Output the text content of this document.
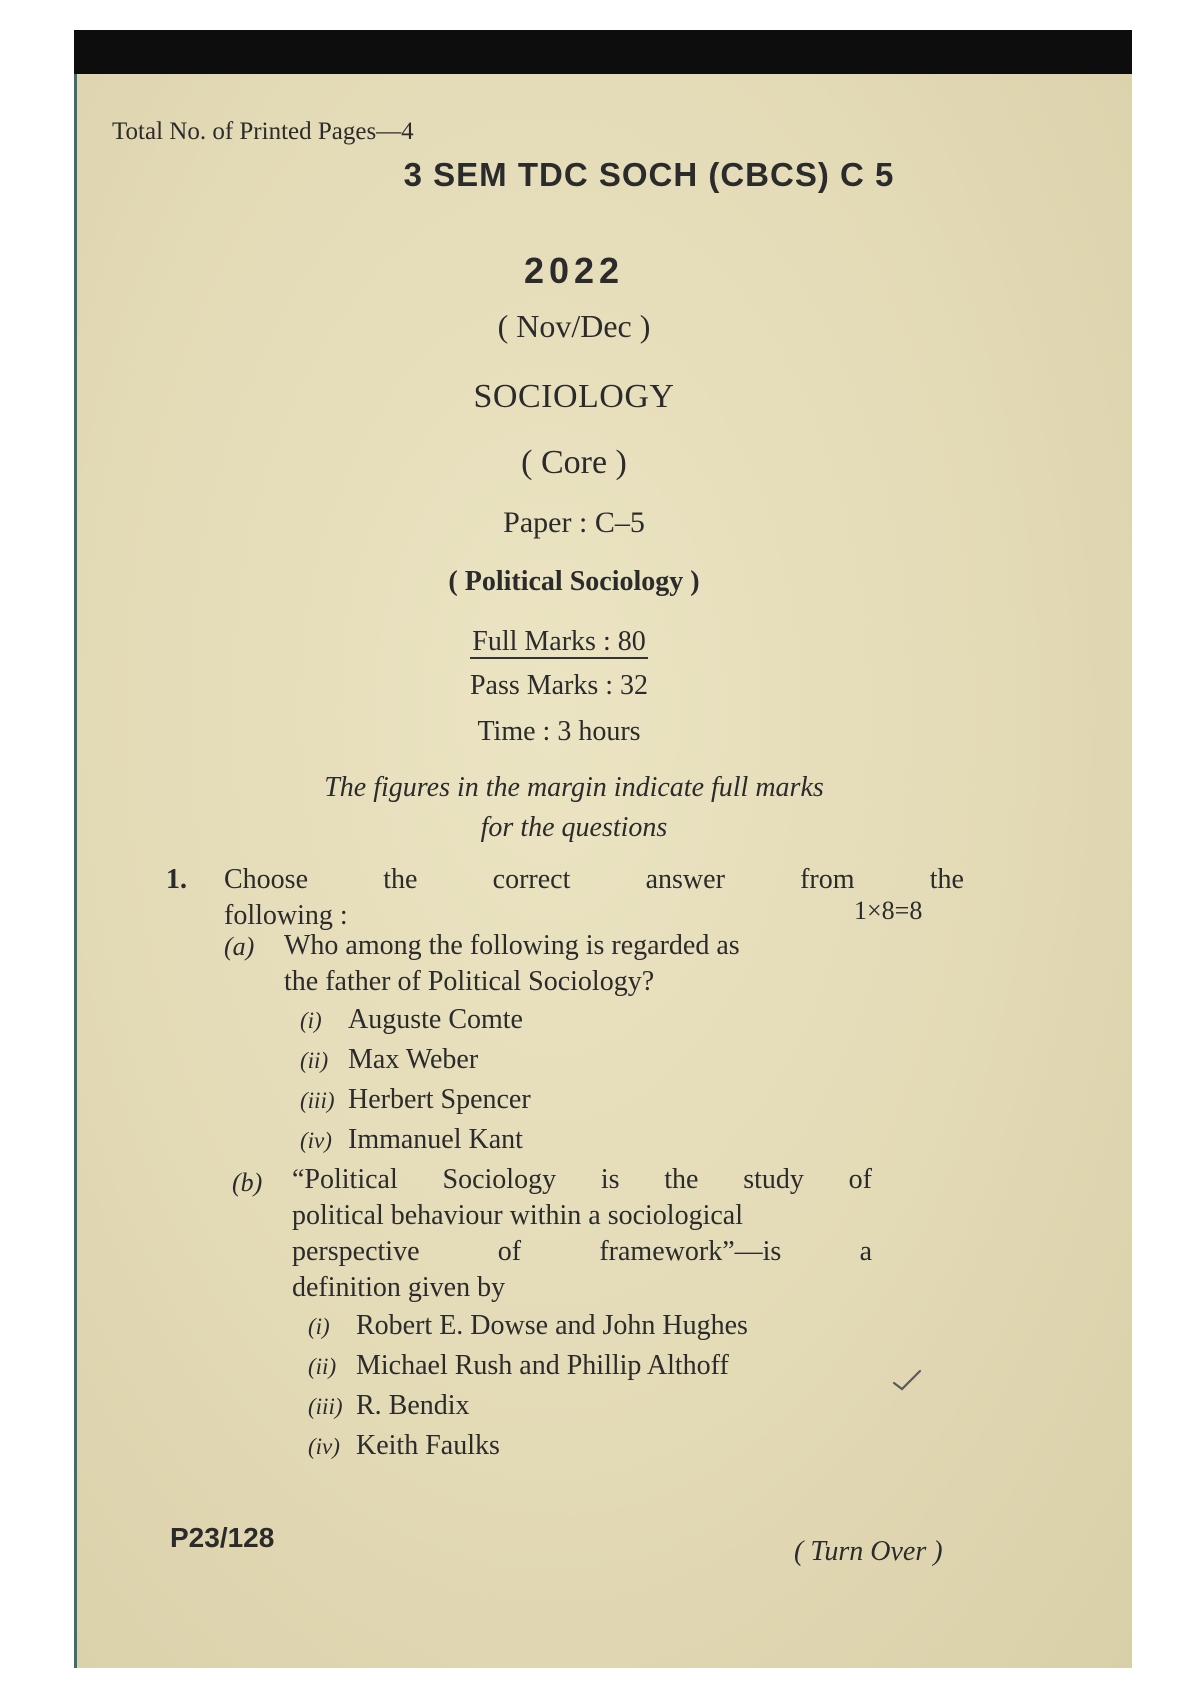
Total No. of Printed Pages—4
3 SEM TDC SOCH (CBCS) C 5
2022
( Nov/Dec )
SOCIOLOGY
( Core )
Paper : C–5
( Political Sociology )
Full Marks : 80
Pass Marks : 32
Time : 3 hours
The figures in the margin indicate full marks
for the questions
1. Choose	the	correct	answer	from	the
following :	1×8=8
(a) Who among the following is regarded as
the father of Political Sociology?
(i) Auguste Comte
(ii) Max Weber
(iii) Herbert Spencer
(iv) Immanuel Kant
(b) “Political Sociology is the study of
political behaviour within a sociological
perspective	of	framework”—is	a
definition given by
(i) Robert E. Dowse and John Hughes
(ii) Michael Rush and Phillip Althoff
(iii) R. Bendix
(iv) Keith Faulks
P23/128	( Turn Over )
